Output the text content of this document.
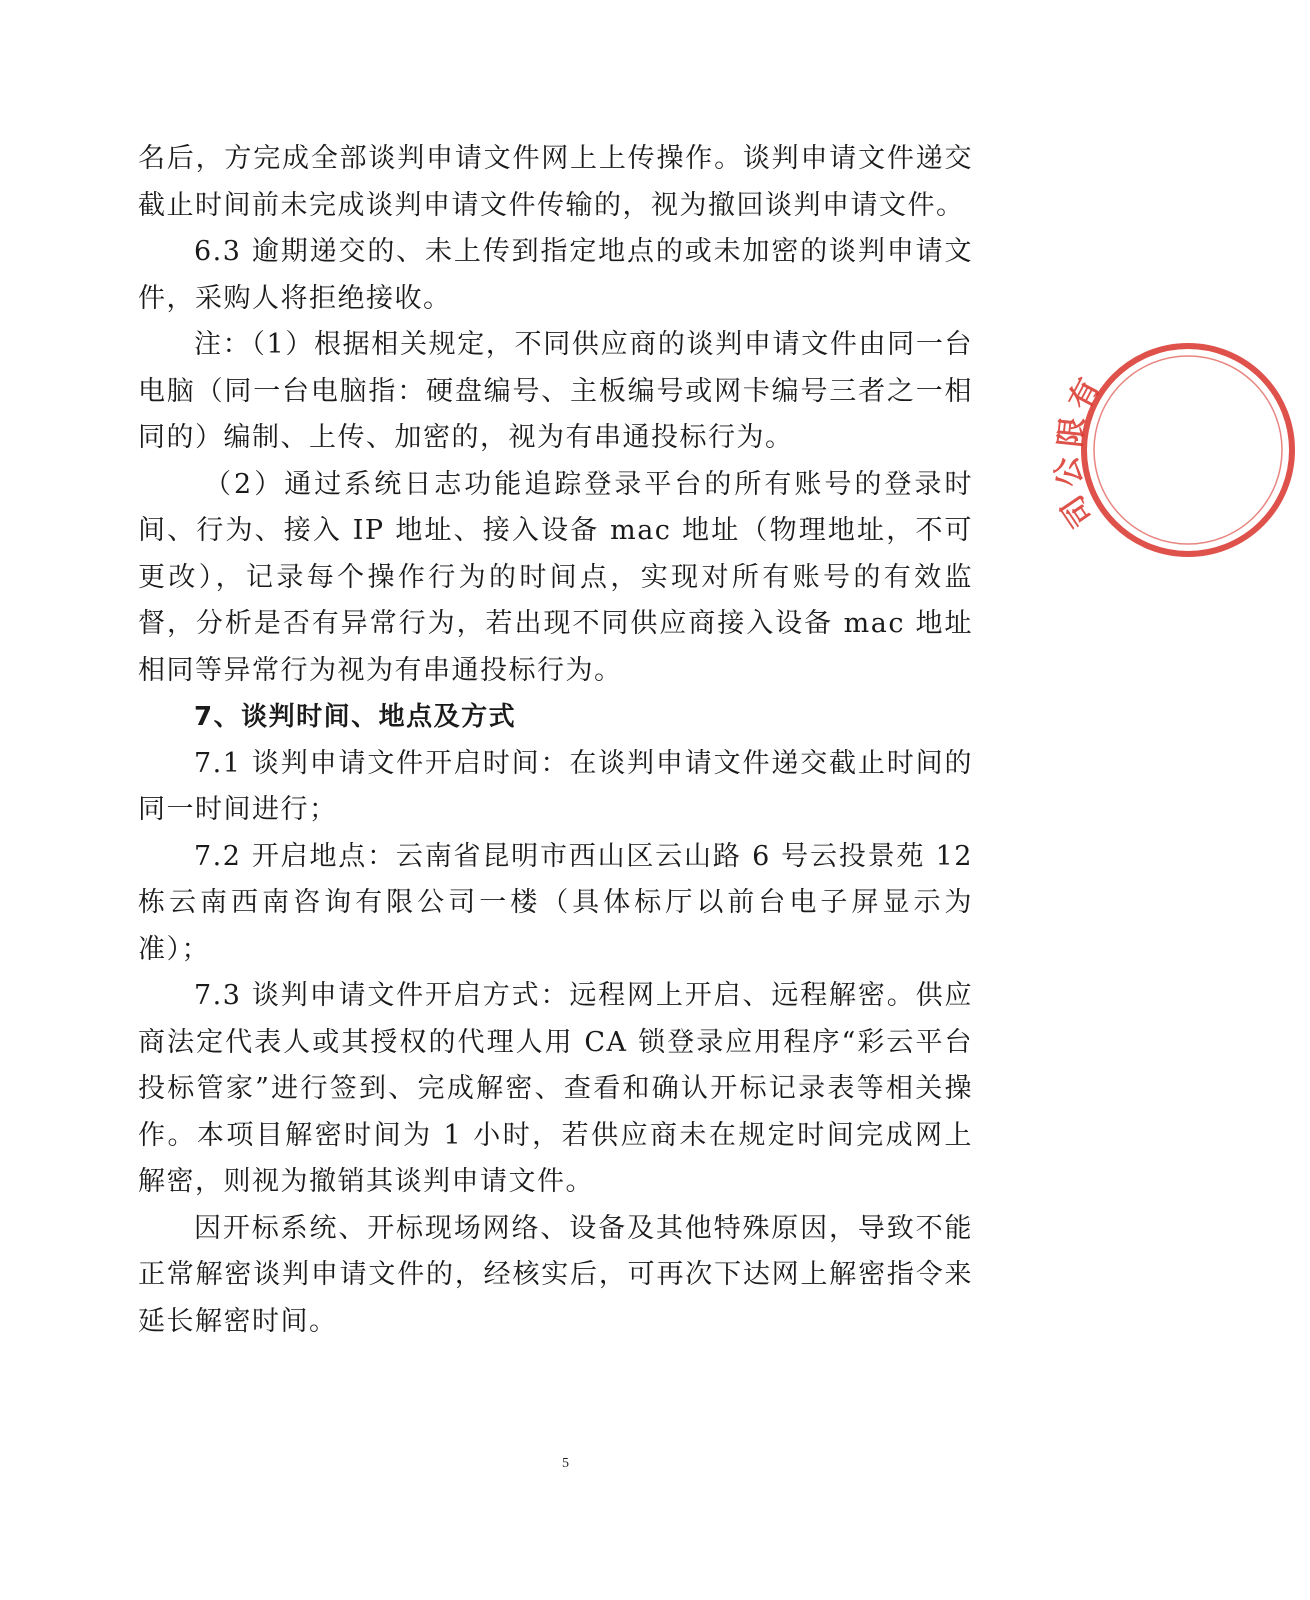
名后，方完成全部谈判申请文件网上上传操作。谈判申请文件递交截止时间前未完成谈判申请文件传输的，视为撤回谈判申请文件。

6.3 逾期递交的、未上传到指定地点的或未加密的谈判申请文件，采购人将拒绝接收。

注：（1）根据相关规定，不同供应商的谈判申请文件由同一台电脑（同一台电脑指：硬盘编号、主板编号或网卡编号三者之一相同的）编制、上传、加密的，视为有串通投标行为。

（2）通过系统日志功能追踪登录平台的所有账号的登录时间、行为、接入 IP 地址、接入设备 mac 地址（物理地址，不可更改），记录每个操作行为的时间点，实现对所有账号的有效监督，分析是否有异常行为，若出现不同供应商接入设备 mac 地址相同等异常行为视为有串通投标行为。

7、谈判时间、地点及方式

7.1 谈判申请文件开启时间：在谈判申请文件递交截止时间的同一时间进行；

7.2 开启地点：云南省昆明市西山区云山路 6 号云投景苑 12 栋云南西南咨询有限公司一楼（具体标厅以前台电子屏显示为准）；

7.3 谈判申请文件开启方式：远程网上开启、远程解密。供应商法定代表人或其授权的代理人用 CA 锁登录应用程序“彩云平台投标管家”进行签到、完成解密、查看和确认开标记录表等相关操作。本项目解密时间为 1 小时，若供应商未在规定时间完成网上解密，则视为撤销其谈判申请文件。

因开标系统、开标现场网络、设备及其他特殊原因，导致不能正常解密谈判申请文件的，经核实后，可再次下达网上解密指令来延长解密时间。

有
限
公
司
5
